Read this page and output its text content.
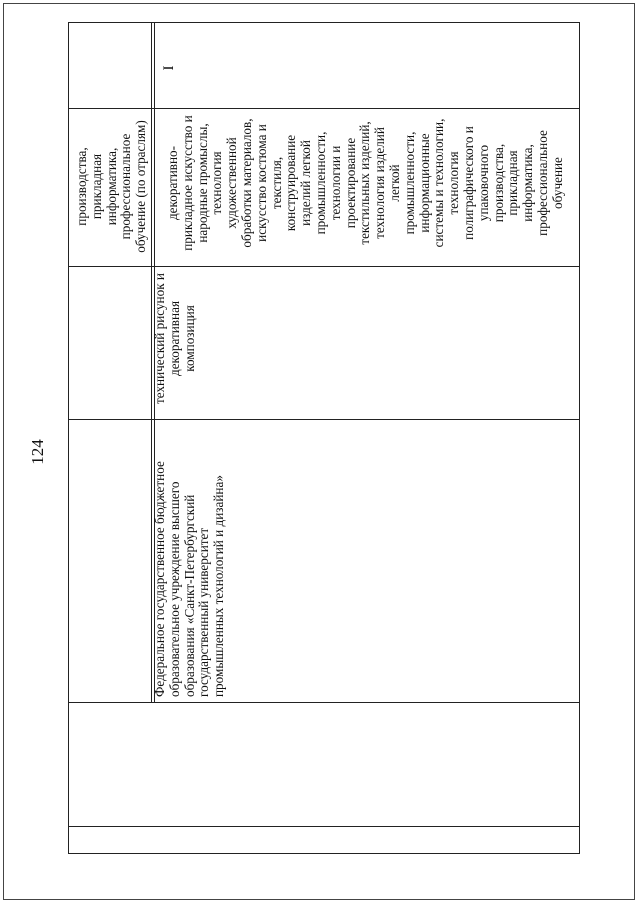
124
производства,
прикладная
информатика,
профессиональное
обучение (по отраслям)
Федеральное государственное бюджетное
образовательное учреждение высшего
образования «Санкт-Петербургский
государственный университет
промышленных технологий и дизайна»
технический рисунок и
декоративная
композиция
декоративно-
прикладное искусство и
народные промыслы,
технология
художественной
обработки материалов,
искусство костюма и
текстиля,
конструирование
изделий легкой
промышленности,
технологии и
проектирование
текстильных изделий,
технология изделий
легкой
промышленности,
информационные
системы и технологии,
технология
полиграфического и
упаковочного
производства,
прикладная
информатика,
профессиональное
обучение
I
